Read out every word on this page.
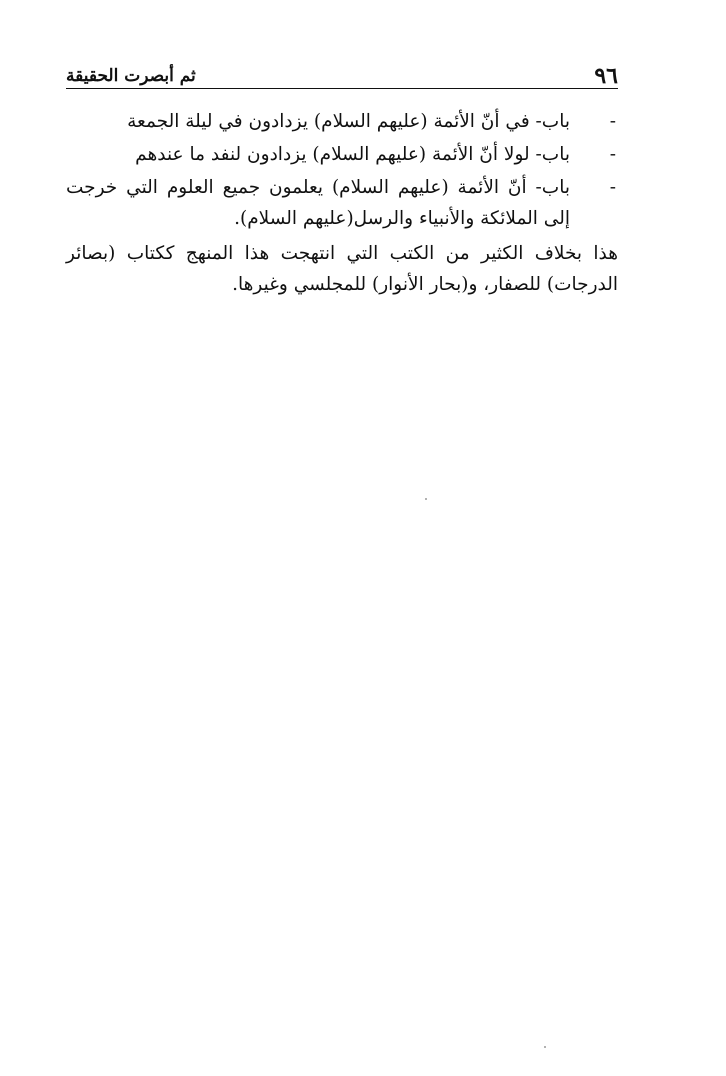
٩٦
ثم أبصرت الحقيقة
-
باب- في أنّ الأئمة (عليهم السلام) يزدادون في ليلة الجمعة
-
باب- لولا أنّ الأئمة (عليهم السلام) يزدادون لنفد ما عندهم
-
باب- أنّ الأئمة (عليهم السلام) يعلمون جميع العلوم التي خرجت إلى الملائكة والأنبياء والرسل(عليهم السلام).

هذا بخلاف الكثير من الكتب التي انتهجت هذا المنهج ككتاب (بصائر الدرجات) للصفار، و(بحار الأنوار) للمجلسي وغيرها.
